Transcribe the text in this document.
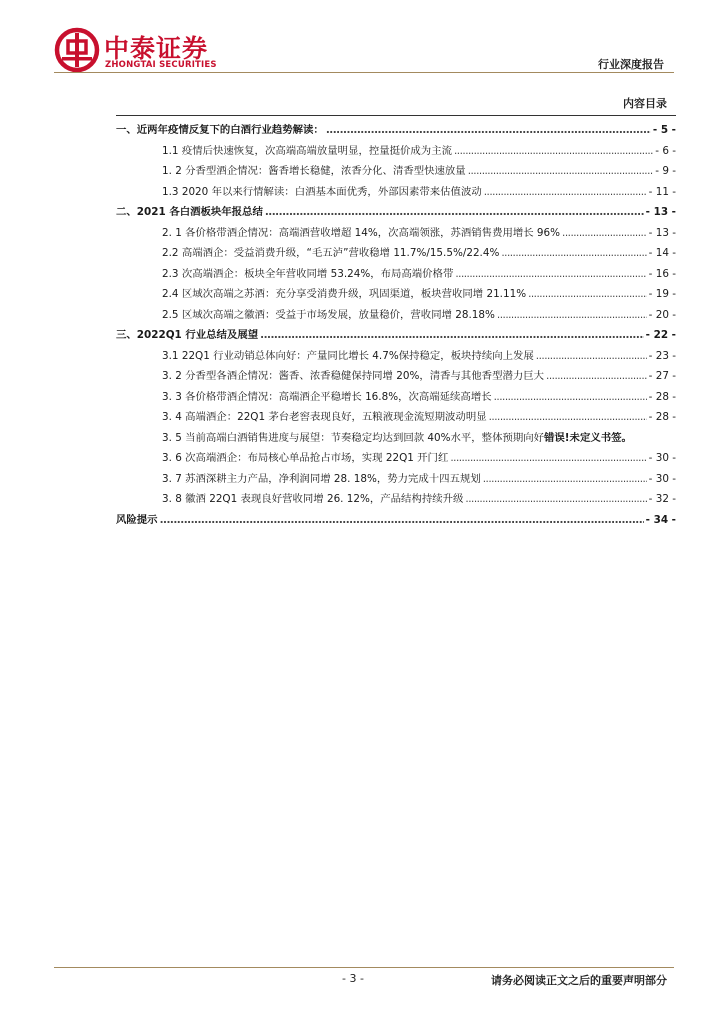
中泰证券
ZHONGTAI SECURITIES	行业深度报告
内容目录
一、近两年疫情反复下的白酒行业趋势解读： .....	- 5 -
1.1 疫情后快速恢复，次高端高端放量明显，控量挺价成为主流 .....	- 6 -
1. 2 分香型酒企情况：酱香增长稳健，浓香分化、清香型快速放量 .....	- 9 -
1.3 2020 年以来行情解读：白酒基本面优秀，外部因素带来估值波动 .....	- 11 -
二、2021 各白酒板块年报总结 .....	- 13 -
2. 1 各价格带酒企情况：高端酒营收增超 14%，次高端领涨，苏酒销售费用增长 96% .....	- 13 -
2.2 高端酒企：受益消费升级，“毛五泸”营收稳增 11.7%/15.5%/22.4% .....	- 14 -
2.3 次高端酒企：板块全年营收同增 53.24%，布局高端价格带 .....	- 16 -
2.4 区域次高端之苏酒：充分享受消费升级，巩固渠道，板块营收同增 21.11% .....	- 19 -
2.5 区域次高端之徽酒：受益于市场发展，放量稳价，营收同增 28.18% .....	- 20 -
三、2022Q1 行业总结及展望 .....	- 22 -
3.1 22Q1 行业动销总体向好：产量同比增长 4.7%保持稳定，板块持续向上发展 .....	- 23 -
3. 2 分香型各酒企情况：酱香、浓香稳健保持同增 20%，清香与其他香型潜力巨大 .....	- 27 -
3. 3 各价格带酒企情况：高端酒企平稳增长 16.8%，次高端延续高增长 .....	- 28 -
3. 4 高端酒企：22Q1 茅台老窖表现良好，五粮液现金流短期波动明显 .....	- 28 -
3. 5 当前高端白酒销售进度与展望：节奏稳定均达到回款 40%水平，整体预期向好 错误!未定义书签。
3. 6 次高端酒企：布局核心单品抢占市场，实现 22Q1 开门红 .....	- 30 -
3. 7 苏酒深耕主力产品，净利润同增 28. 18%，势力完成十四五规划 .....	- 30 -
3. 8 徽酒 22Q1 表现良好营收同增 26. 12%，产品结构持续升级 .....	- 32 -
风险提示 .....	- 34 -
- 3 -	请务必阅读正文之后的重要声明部分
